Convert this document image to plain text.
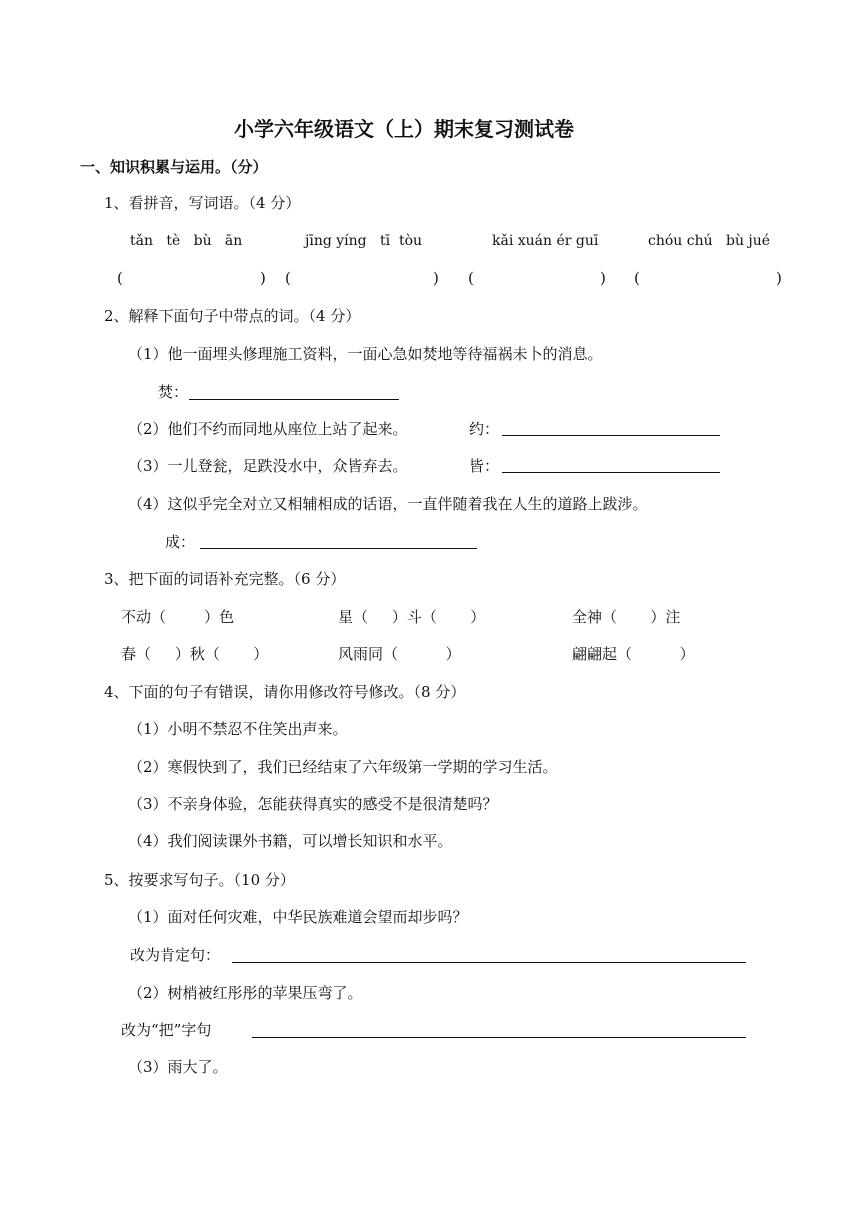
小学六年级语文（上）期末复习测试卷
一、知识积累与运用。（分）
1、看拼音，写词语。（4 分）
tǎn   tè   bù   ān	jīng yíng   tī  tòu	kǎi xuán ér guī	chóu chú   bù jué
(	) (	) (	) (	)
2、解释下面句子中带点的词。（4 分）
（1）他一面埋头修理施工资料，一面心急如焚地等待福祸未卜的消息。
焚：
（2）他们不约而同地从座位上站了起来。	约：
（3）一儿登瓮，足跌没水中，众皆弃去。	皆：
（4）这似乎完全对立又相辅相成的话语，一直伴随着我在人生的道路上跋涉。
成：
3、把下面的词语补充完整。（6 分）
不动（        ）色	星（     ）斗（       ）	全神（       ）注
春（     ）秋（       ）	风雨同（          ）	翩翩起（          ）
4、下面的句子有错误，请你用修改符号修改。（8 分）
（1）小明不禁忍不住笑出声来。
（2）寒假快到了，我们已经结束了六年级第一学期的学习生活。
（3）不亲身体验，怎能获得真实的感受不是很清楚吗？
（4）我们阅读课外书籍，可以增长知识和水平。
5、按要求写句子。（10 分）
（1）面对任何灾难，中华民族难道会望而却步吗？
改为肯定句：
（2）树梢被红彤彤的苹果压弯了。
改为“把”字句
（3）雨大了。
